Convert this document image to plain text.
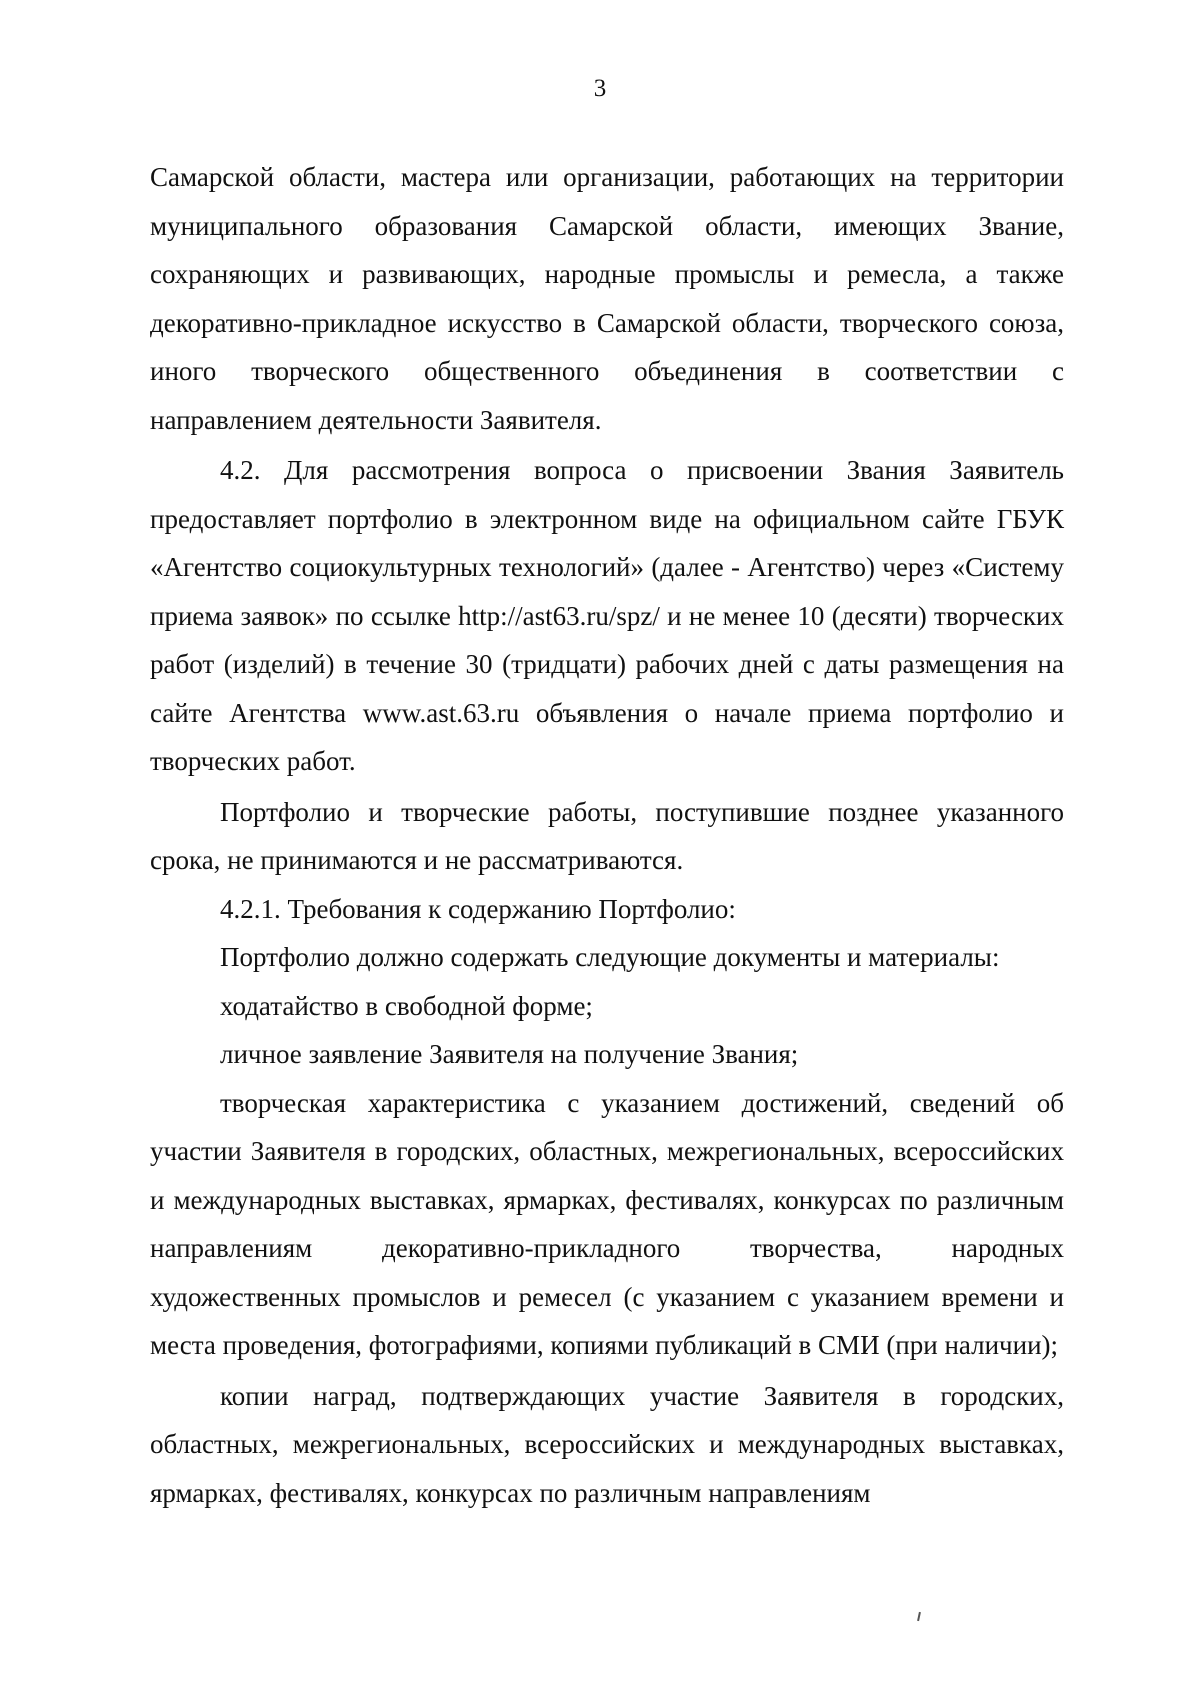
3

Самарской области, мастера или организации, работающих на территории муниципального образования Самарской области, имеющих Звание, сохраняющих и развивающих, народные промыслы и ремесла, а также декоративно-прикладное искусство в Самарской области, творческого союза, иного творческого общественного объединения в соответствии с направлением деятельности Заявителя.

4.2. Для рассмотрения вопроса о присвоении Звания Заявитель предоставляет портфолио в электронном виде на официальном сайте ГБУК «Агентство социокультурных технологий» (далее - Агентство) через «Систему приема заявок» по ссылке http://ast63.ru/spz/ и не менее 10 (десяти) творческих работ (изделий) в течение 30 (тридцати) рабочих дней с даты размещения на сайте Агентства www.ast.63.ru объявления о начале приема портфолио и творческих работ.

Портфолио и творческие работы, поступившие позднее указанного срока, не принимаются и не рассматриваются.

4.2.1. Требования к содержанию Портфолио:

Портфолио должно содержать следующие документы и материалы:

ходатайство в свободной форме;

личное заявление Заявителя на получение Звания;

творческая характеристика с указанием достижений, сведений об участии Заявителя в городских, областных, межрегиональных, всероссийских и международных выставках, ярмарках, фестивалях, конкурсах по различным направлениям декоративно-прикладного творчества, народных художественных промыслов и ремесел (с указанием с указанием времени и места проведения, фотографиями, копиями публикаций в СМИ (при наличии);

копии наград, подтверждающих участие Заявителя в городских, областных, межрегиональных, всероссийских и международных выставках, ярмарках, фестивалях, конкурсах по различным направлениям
